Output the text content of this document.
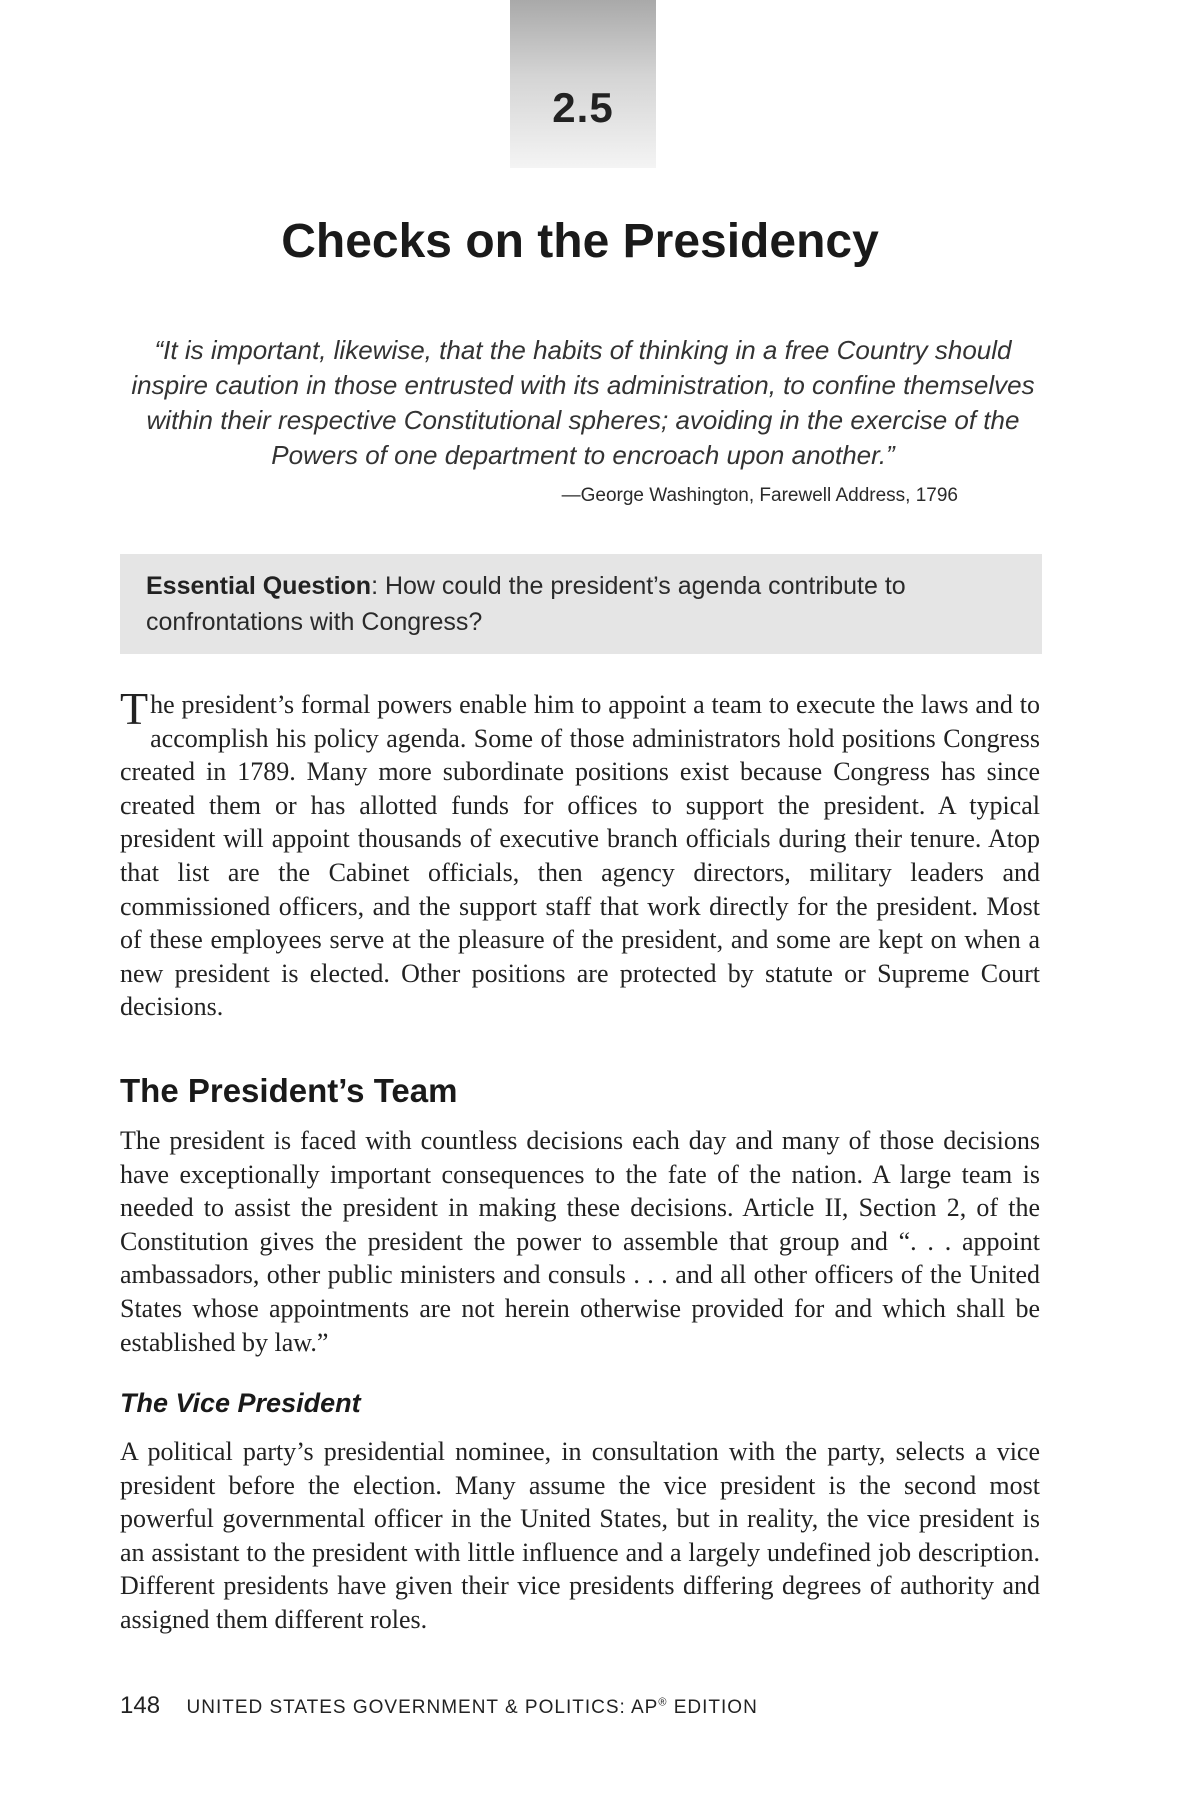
2.5
Checks on the Presidency

“It is important, likewise, that the habits of thinking in a free Country should inspire caution in those entrusted with its administration, to confine themselves within their respective Constitutional spheres; avoiding in the exercise of the Powers of one department to encroach upon another.”

—George Washington, Farewell Address, 1796

Essential Question: How could the president’s agenda contribute to confrontations with Congress?

The president’s formal powers enable him to appoint a team to execute the laws and to accomplish his policy agenda. Some of those administrators hold positions Congress created in 1789. Many more subordinate positions exist because Congress has since created them or has allotted funds for offices to support the president. A typical president will appoint thousands of executive branch officials during their tenure. Atop that list are the Cabinet officials, then agency directors, military leaders and commissioned officers, and the support staff that work directly for the president. Most of these employees serve at the pleasure of the president, and some are kept on when a new president is elected. Other positions are protected by statute or Supreme Court decisions.

The President’s Team

The president is faced with countless decisions each day and many of those decisions have exceptionally important consequences to the fate of the nation. A large team is needed to assist the president in making these decisions. Article II, Section 2, of the Constitution gives the president the power to assemble that group and “. . . appoint ambassadors, other public ministers and consuls . . . and all other officers of the United States whose appointments are not herein otherwise provided for and which shall be established by law.”

The Vice President

A political party’s presidential nominee, in consultation with the party, selects a vice president before the election. Many assume the vice president is the second most powerful governmental officer in the United States, but in reality, the vice president is an assistant to the president with little influence and a largely undefined job description. Different presidents have given their vice presidents differing degrees of authority and assigned them different roles.

148 UNITED STATES GOVERNMENT & POLITICS: AP® EDITION
